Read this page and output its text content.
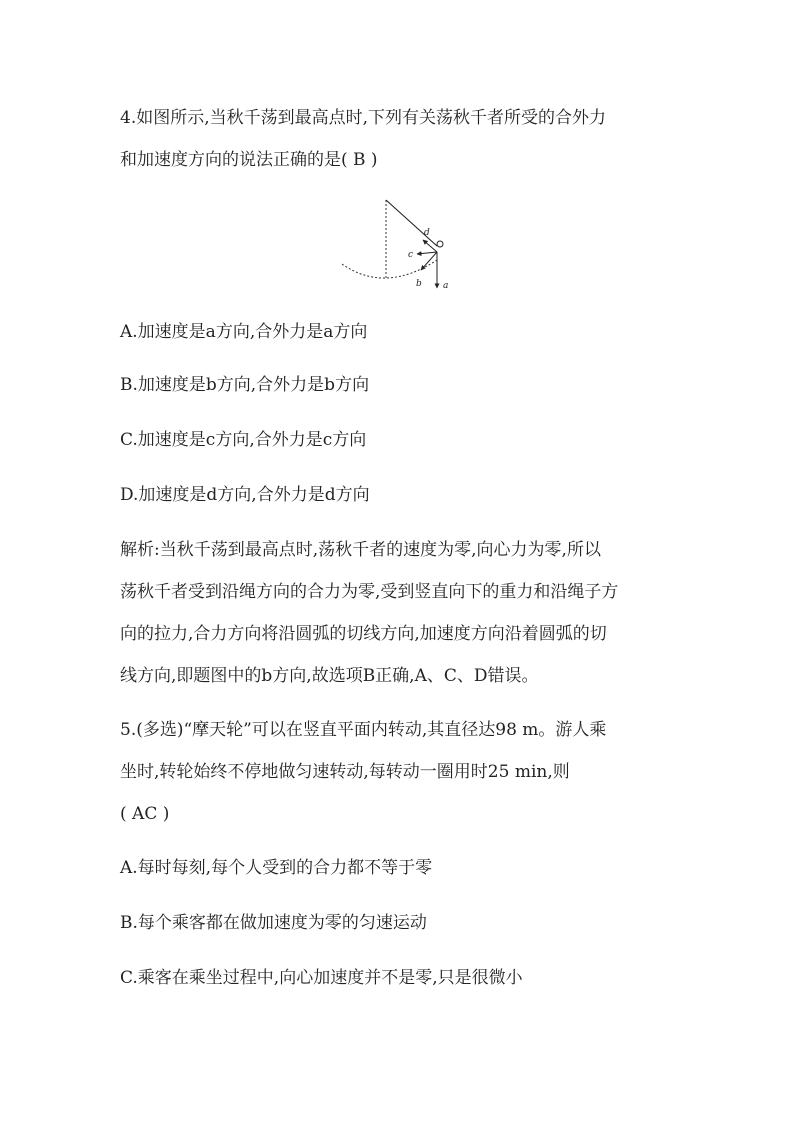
4.如图所示,当秋千荡到最高点时,下列有关荡秋千者所受的合外力
和加速度方向的说法正确的是( B )
d
c
b a
A.加速度是a方向,合外力是a方向
B.加速度是b方向,合外力是b方向
C.加速度是c方向,合外力是c方向
D.加速度是d方向,合外力是d方向
解析:当秋千荡到最高点时,荡秋千者的速度为零,向心力为零,所以
荡秋千者受到沿绳方向的合力为零,受到竖直向下的重力和沿绳子方
向的拉力,合力方向将沿圆弧的切线方向,加速度方向沿着圆弧的切
线方向,即题图中的b方向,故选项B正确,A、C、D错误。
5.(多选)“摩天轮”可以在竖直平面内转动,其直径达98 m。游人乘
坐时,转轮始终不停地做匀速转动,每转动一圈用时25 min,则
( AC )
A.每时每刻,每个人受到的合力都不等于零
B.每个乘客都在做加速度为零的匀速运动
C.乘客在乘坐过程中,向心加速度并不是零,只是很微小
